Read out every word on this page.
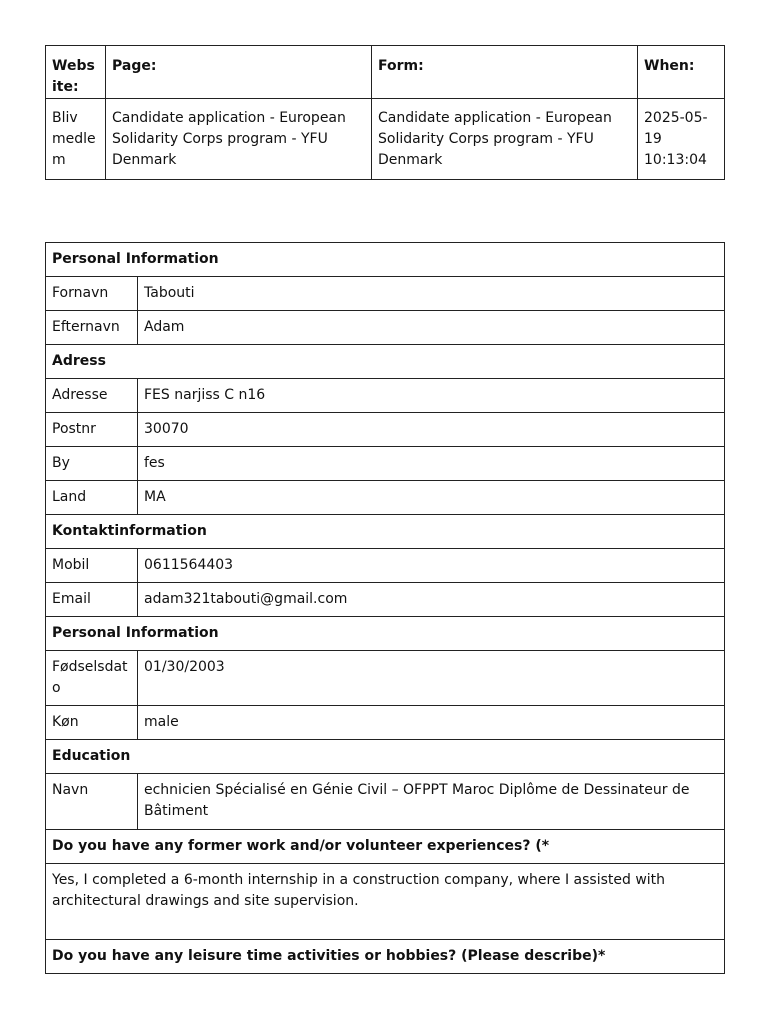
Website:	Page:	Form:	When:
Bliv medlem	Candidate application - European Solidarity Corps program - YFU Denmark	Candidate application - European Solidarity Corps program - YFU Denmark	2025-05-19 10:13:04
Personal Information	
Fornavn	Tabouti
Efternavn	Adam
Adress	
Adresse	FES narjiss C n16
Postnr	30070
By	fes
Land	MA
Kontaktinformation	
Mobil	0611564403
Email	adam321tabouti@gmail.com
Personal Information	
Fødselsdato	01/30/2003
Køn	male
Education	
Navn	echnicien Spécialisé en Génie Civil – OFPPT Maroc Diplôme de Dessinateur de Bâtiment
Do you have any former work and/or volunteer experiences? (*	
Yes, I completed a 6-month internship in a construction company, where I assisted with architectural drawings and site supervision.	
Do you have any leisure time activities or hobbies? (Please describe)*	
